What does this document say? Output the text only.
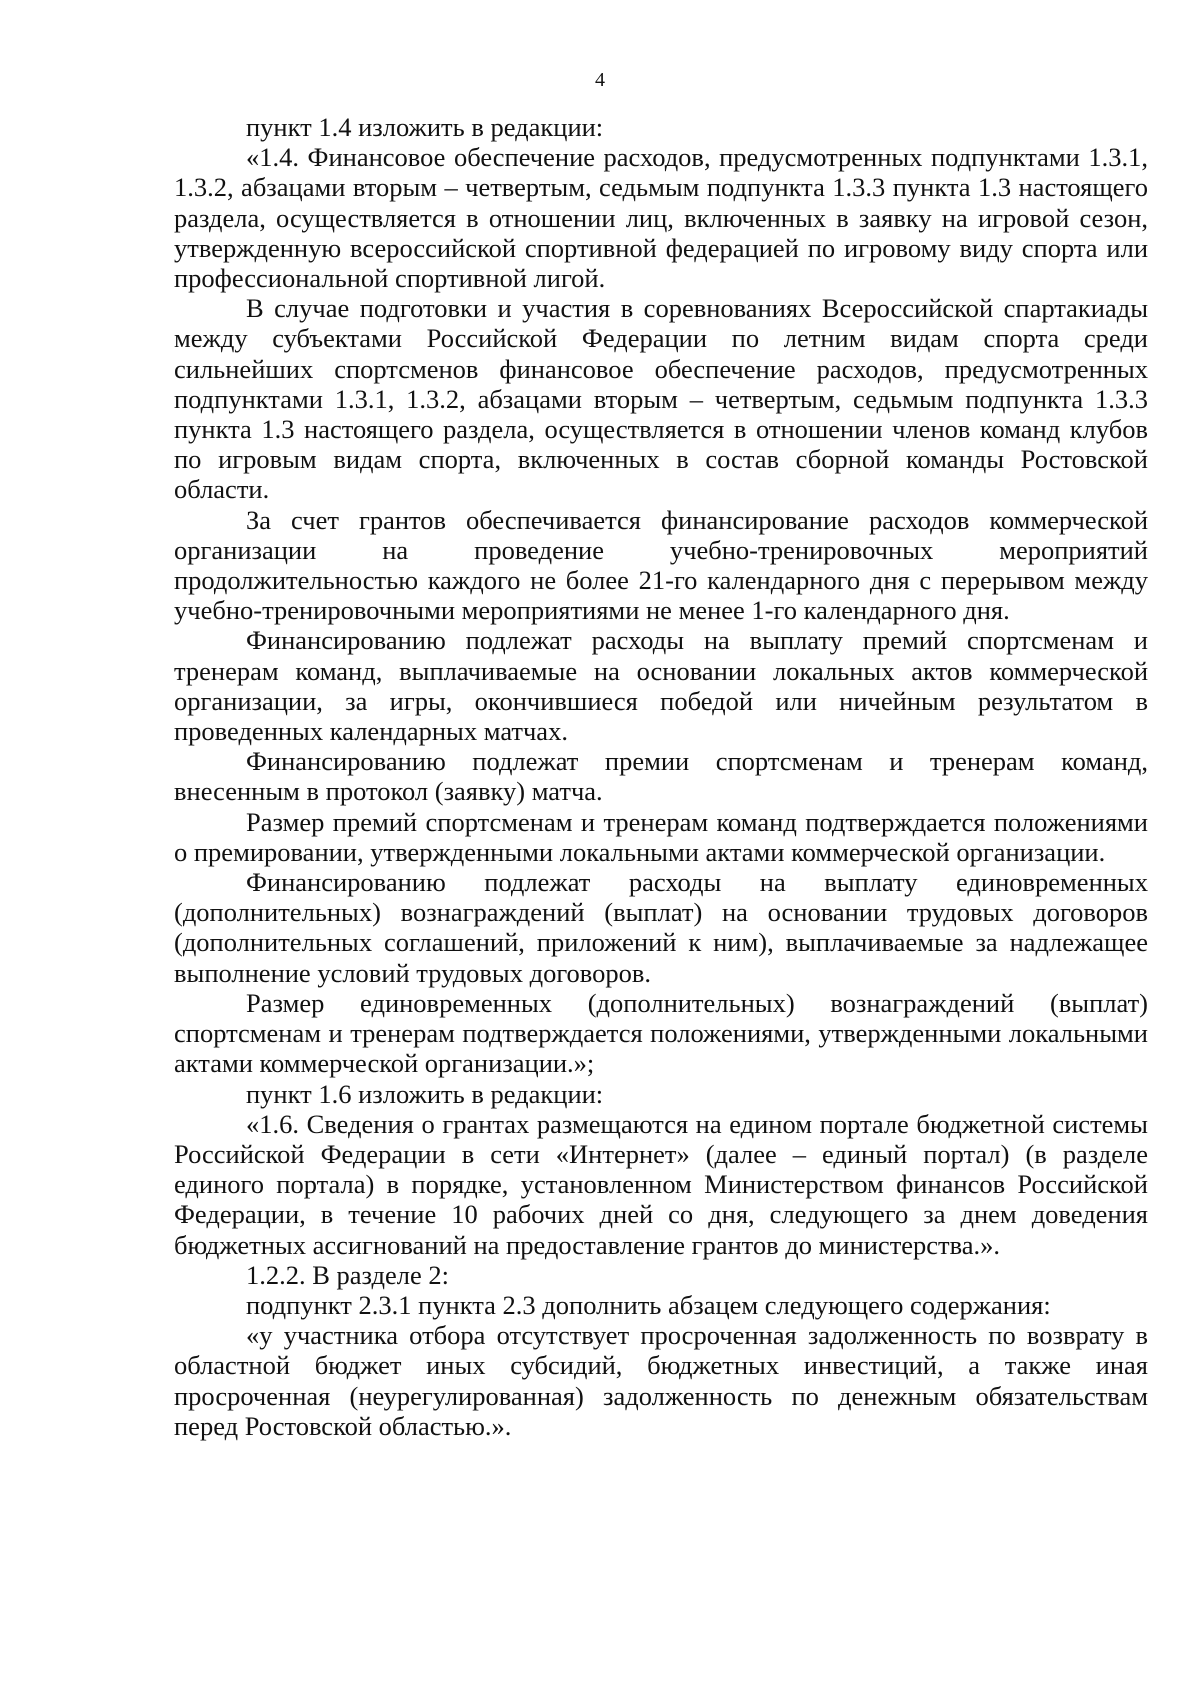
4

пункт 1.4 изложить в редакции:

«1.4. Финансовое обеспечение расходов, предусмотренных подпунктами 1.3.1, 1.3.2, абзацами вторым – четвертым, седьмым подпункта 1.3.3 пункта 1.3 настоящего раздела, осуществляется в отношении лиц, включенных в заявку на игровой сезон, утвержденную всероссийской спортивной федерацией по игровому виду спорта или профессиональной спортивной лигой.

В случае подготовки и участия в соревнованиях Всероссийской спартакиады между субъектами Российской Федерации по летним видам спорта среди сильнейших спортсменов финансовое обеспечение расходов, предусмотренных подпунктами 1.3.1, 1.3.2, абзацами вторым – четвертым, седьмым подпункта 1.3.3 пункта 1.3 настоящего раздела, осуществляется в отношении членов команд клубов по игровым видам спорта, включенных в состав сборной команды Ростовской области.

За счет грантов обеспечивается финансирование расходов коммерческой организации на проведение учебно-тренировочных мероприятий продолжительностью каждого не более 21-го календарного дня с перерывом между учебно-тренировочными мероприятиями не менее 1-го календарного дня.

Финансированию подлежат расходы на выплату премий спортсменам и тренерам команд, выплачиваемые на основании локальных актов коммерческой организации, за игры, окончившиеся победой или ничейным результатом в проведенных календарных матчах.

Финансированию подлежат премии спортсменам и тренерам команд, внесенным в протокол (заявку) матча.

Размер премий спортсменам и тренерам команд подтверждается положениями о премировании, утвержденными локальными актами коммерческой организации.

Финансированию подлежат расходы на выплату единовременных (дополнительных) вознаграждений (выплат) на основании трудовых договоров (дополнительных соглашений, приложений к ним), выплачиваемые за надлежащее выполнение условий трудовых договоров.

Размер единовременных (дополнительных) вознаграждений (выплат) спортсменам и тренерам подтверждается положениями, утвержденными локальными актами коммерческой организации.»;

пункт 1.6 изложить в редакции:

«1.6. Сведения о грантах размещаются на едином портале бюджетной системы Российской Федерации в сети «Интернет» (далее – единый портал) (в разделе единого портала) в порядке, установленном Министерством финансов Российской Федерации, в течение 10 рабочих дней со дня, следующего за днем доведения бюджетных ассигнований на предоставление грантов до министерства.».

1.2.2. В разделе 2:

подпункт 2.3.1 пункта 2.3 дополнить абзацем следующего содержания:

«у участника отбора отсутствует просроченная задолженность по возврату в областной бюджет иных субсидий, бюджетных инвестиций, а также иная просроченная (неурегулированная) задолженность по денежным обязательствам перед Ростовской областью.».
